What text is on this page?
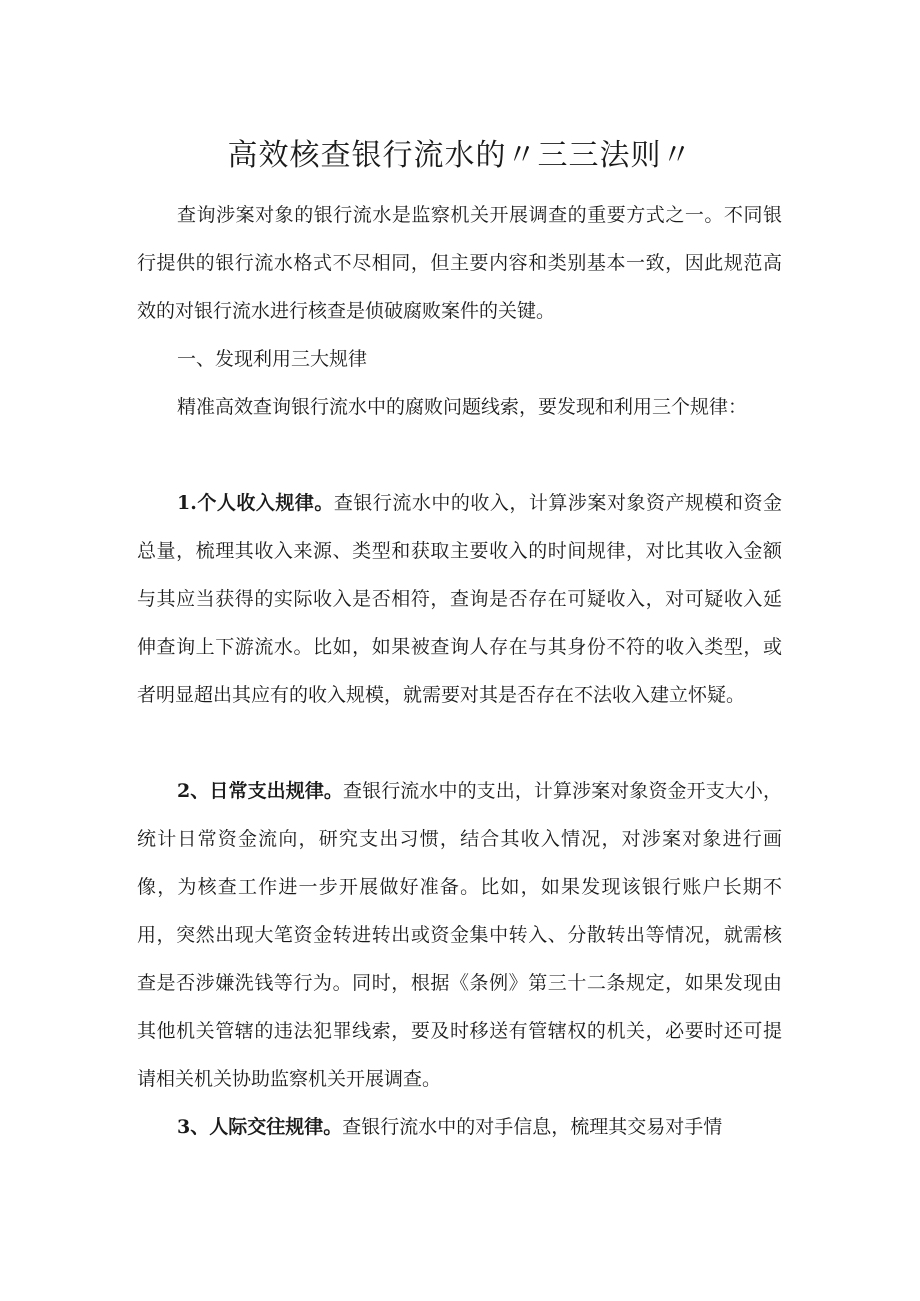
高效核查银行流水的〃三三法则〃

查询涉案对象的银行流水是监察机关开展调查的重要方式之一。不同银行提供的银行流水格式不尽相同，但主要内容和类别基本一致，因此规范高效的对银行流水进行核查是侦破腐败案件的关键。

一、发现利用三大规律

精准高效查询银行流水中的腐败问题线索，要发现和利用三个规律：

1.个人收入规律。查银行流水中的收入，计算涉案对象资产规模和资金总量，梳理其收入来源、类型和获取主要收入的时间规律，对比其收入金额与其应当获得的实际收入是否相符，查询是否存在可疑收入，对可疑收入延伸查询上下游流水。比如，如果被查询人存在与其身份不符的收入类型，或者明显超出其应有的收入规模，就需要对其是否存在不法收入建立怀疑。

2、日常支出规律。查银行流水中的支出，计算涉案对象资金开支大小，统计日常资金流向，研究支出习惯，结合其收入情况，对涉案对象进行画像，为核查工作进一步开展做好准备。比如，如果发现该银行账户长期不用，突然出现大笔资金转进转出或资金集中转入、分散转出等情况，就需核查是否涉嫌洗钱等行为。同时，根据《条例》第三十二条规定，如果发现由其他机关管辖的违法犯罪线索，要及时移送有管辖权的机关，必要时还可提请相关机关协助监察机关开展调查。

3、人际交往规律。查银行流水中的对手信息，梳理其交易对手情
